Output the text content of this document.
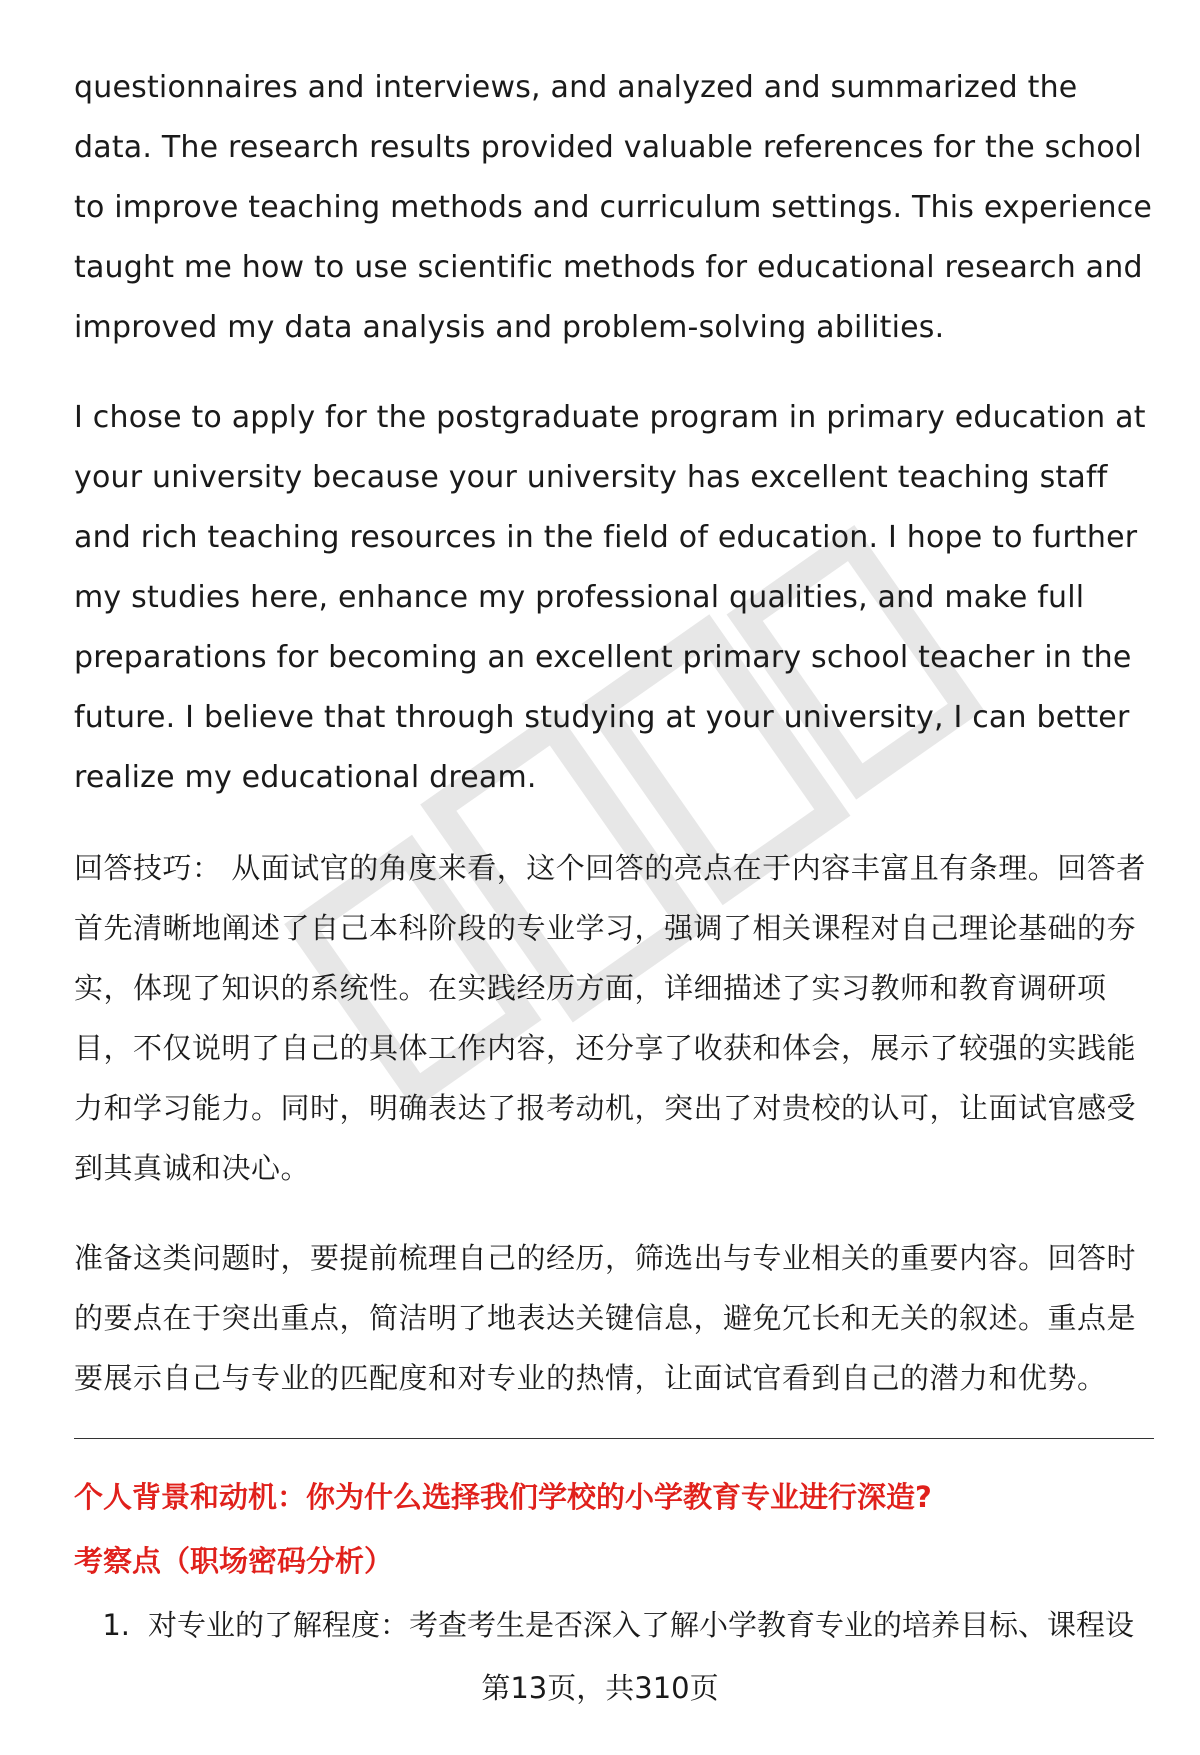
questionnaires and interviews, and analyzed and summarized the data. The research results provided valuable references for the school to improve teaching methods and curriculum settings. This experience taught me how to use scientific methods for educational research and improved my data analysis and problem-solving abilities.

I chose to apply for the postgraduate program in primary education at your university because your university has excellent teaching staff and rich teaching resources in the field of education. I hope to further my studies here, enhance my professional qualities, and make full preparations for becoming an excellent primary school teacher in the future. I believe that through studying at your university, I can better realize my educational dream.

回答技巧： 从面试官的角度来看，这个回答的亮点在于内容丰富且有条理。回答者首先清晰地阐述了自己本科阶段的专业学习，强调了相关课程对自己理论基础的夯实，体现了知识的系统性。在实践经历方面，详细描述了实习教师和教育调研项目，不仅说明了自己的具体工作内容，还分享了收获和体会，展示了较强的实践能力和学习能力。同时，明确表达了报考动机，突出了对贵校的认可，让面试官感受到其真诚和决心。

准备这类问题时，要提前梳理自己的经历，筛选出与专业相关的重要内容。回答时的要点在于突出重点，简洁明了地表达关键信息，避免冗长和无关的叙述。重点是要展示自己与专业的匹配度和对专业的热情，让面试官看到自己的潜力和优势。

个人背景和动机：你为什么选择我们学校的小学教育专业进行深造?

考察点（职场密码分析）

1. 对专业的了解程度：考查考生是否深入了解小学教育专业的培养目标、课程设
第13页，共310页
